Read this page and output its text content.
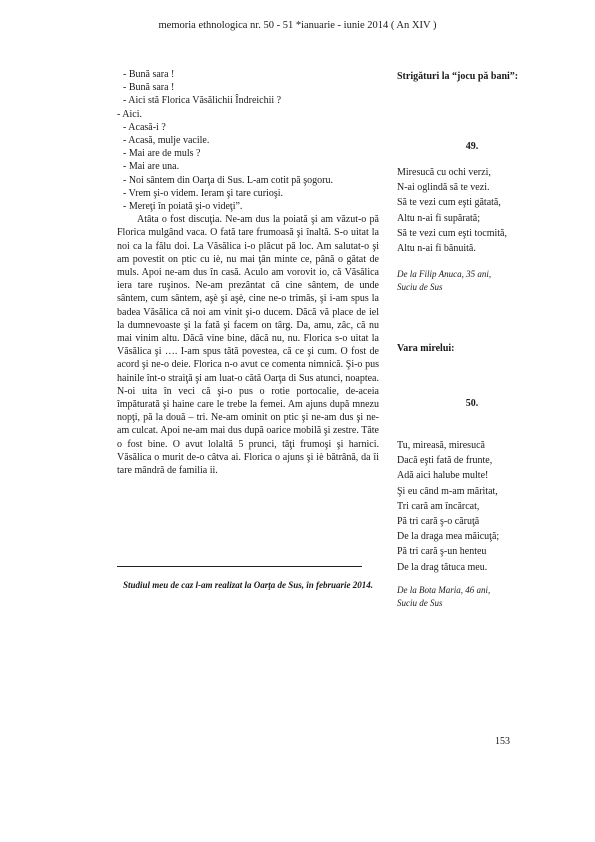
memoria ethnologica nr. 50 - 51 *ianuarie - iunie 2014 ( An XIV )
- Bună sara !
- Bună sara !
- Aici stă Florica Văsălichii Îndreichii ?
- Aici.
- Acasă-i ?
- Acasă, mulje vacile.
- Mai are de muls ?
- Mai are una.
- Noi sântem din Oarţa di Sus. L-am cotit pă şogoru.
- Vrem şi-o videm. Ieram şi tare curioşi.
- Mereţi în poiată şi-o videţi”.

Atâta o fost discuţia. Ne-am dus la poiată şi am văzut-o pă Florica mulgând vaca. O fată tare frumoasă şi înaltă. S-o uitat la noi ca la fălu doi. La Văsălica i-o plăcut pă loc. Am salutat-o şi am povestit on ptic cu iè, nu mai ţân minte ce, până o gătat de muls. Apoi ne-am dus în casă. Aculo am vorovit io, că Văsălica iera tare ruşinos. Ne-am prezântat că cine sântem, de unde sântem, cum sântem, aşè şi aşè, cine ne-o trimăs, şi i-am spus la badea Văsălica că noi am vinit şi-o ducem. Dăcă vă place de iel la dumnevoaste şi la fată şi facem on târg. Da, amu, zâc, că nu mai vinim altu. Dăcă vine bine, dăcă nu, nu. Florica s-o uitat la Văsălica şi …. I-am spus tătă povestea, că ce şi cum. O fost de acord şi ne-o deie. Florica n-o avut ce comenta nimnică. Şi-o pus hainile înt-o straiţă şi am luat-o cătă Oarţa di Sus atunci, noaptea. N-oi uita în veci că şi-o pus o rotie portocalie, de-aceia împăturată şi haine care le trebe la femei. Am ajuns după mnezu nopţi, pă la două – tri. Ne-am ominit on ptic şi ne-am dus şi ne-am culcat. Apoi ne-am mai dus după oarice mobilă şi zestre. Tăte o fost bine. O avut lolaltă 5 prunci, tăţi frumoşi şi harnici. Văsălica o murit de-o câtva ai. Florica o ajuns şi iè bătrână, da îi tare mândră de familia ii.

Studiul meu de caz l-am realizat la Oarţa de Sus, în februarie 2014.
Strigături la “jocu pă bani”:
49.
Miresucă cu ochi verzi,
N-ai oglindă să te vezi.
Să te vezi cum eşti gătată,
Altu n-ai fi supărată;
Să te vezi cum eşti tocmită,
Altu n-ai fi bănuită.
De la Filip Anuca, 35 ani,
Suciu de Sus
Vara mirelui:
50.
Tu, mireasă, miresucă
Dacă eşti fată de frunte,
Adă aici halube multe!
Şi eu când m-am măritat,
Tri cară am încărcat,
Pă tri cară ş-o căruţă
De la draga mea măicuţă;
Pă tri cară ş-un henteu
De la drag tătuca meu.
De la Bota Maria, 46 ani,
Suciu de Sus
153
